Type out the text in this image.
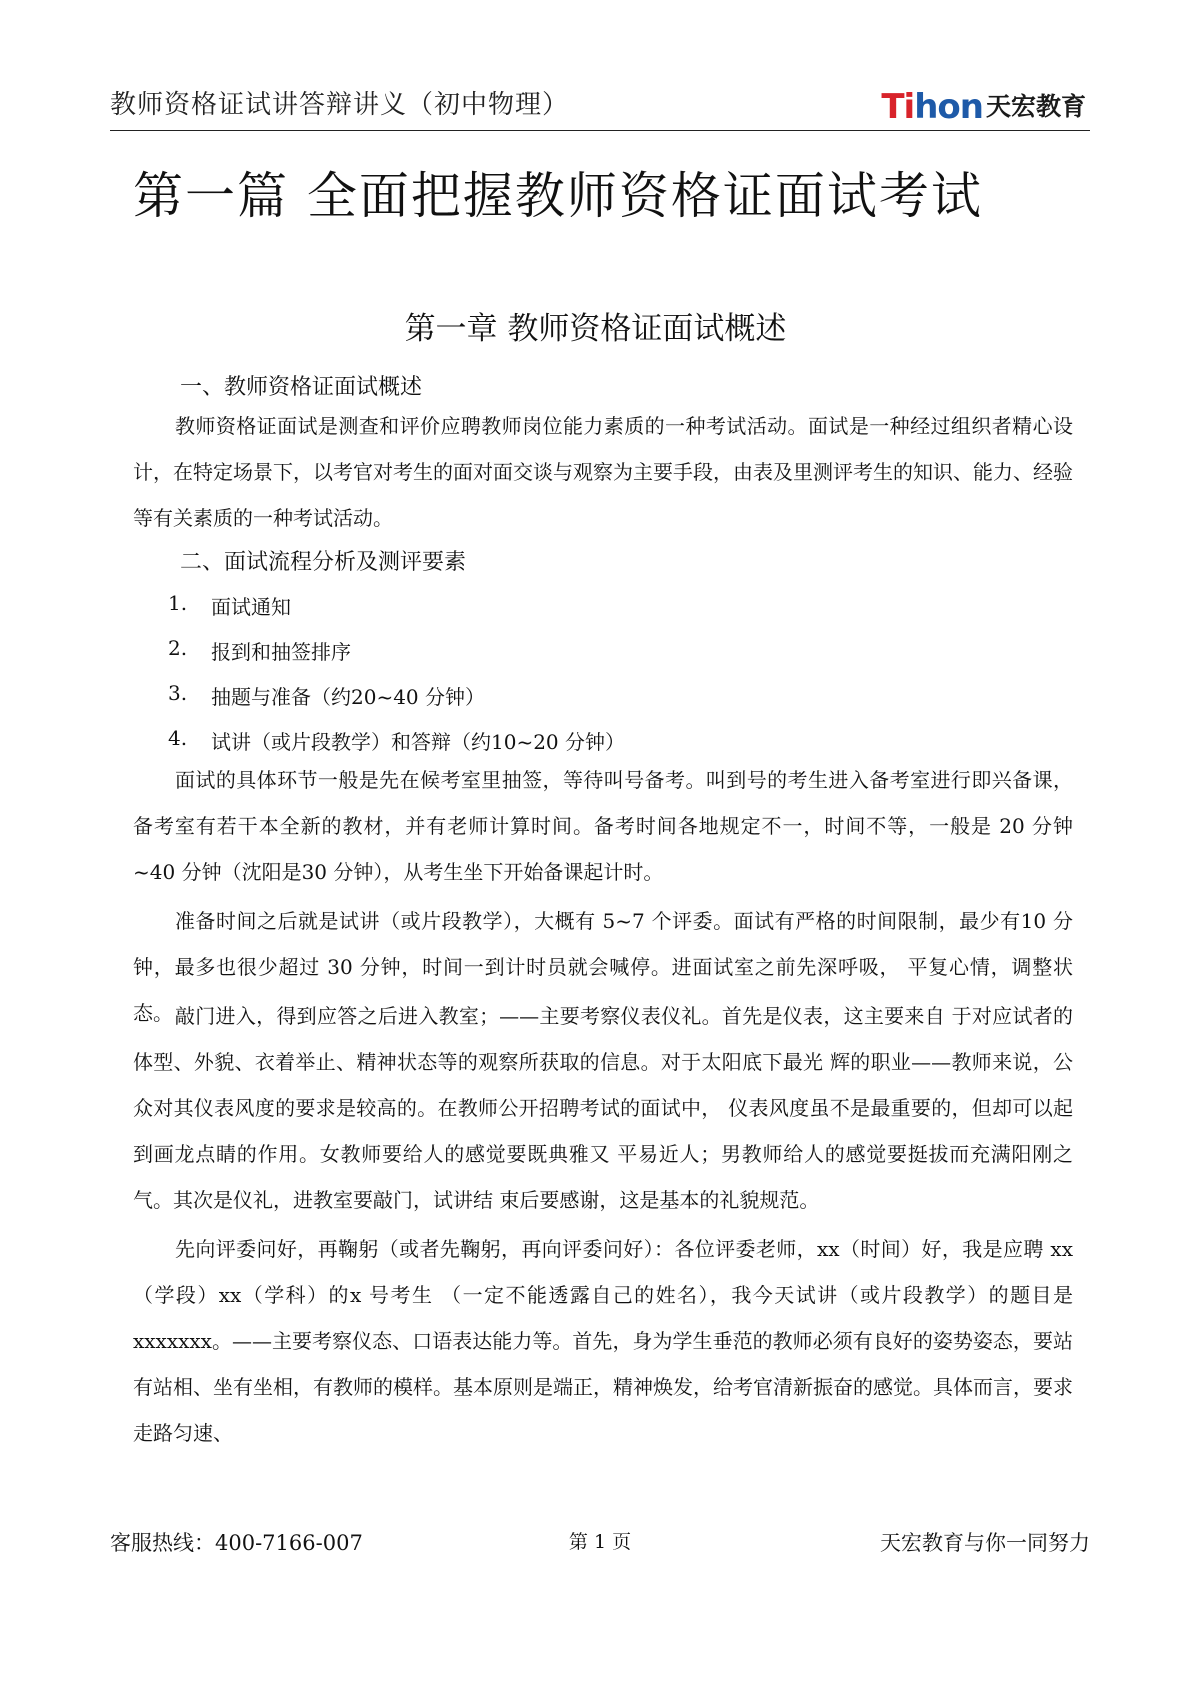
教师资格证试讲答辩讲义（初中物理）	Tihon 天宏教育
第一篇 全面把握教师资格证面试考试
第一章 教师资格证面试概述
一、教师资格证面试概述

教师资格证面试是测查和评价应聘教师岗位能力素质的一种考试活动。面试是一种经过组织者精心设计，在特定场景下，以考官对考生的面对面交谈与观察为主要手段，由表及里测评考生的知识、能力、经验等有关素质的一种考试活动。

二、面试流程分析及测评要素
1.	面试通知
2.	报到和抽签排序
3.	抽题与准备（约20~40 分钟）
4.	试讲（或片段教学）和答辩（约10~20 分钟）

面试的具体环节一般是先在候考室里抽签，等待叫号备考。叫到号的考生进入备考室进行即兴备课，备考室有若干本全新的教材，并有老师计算时间。备考时间各地规定不一，时间不等，一般是 20 分钟~40 分钟（沈阳是30 分钟），从考生坐下开始备课起计时。

准备时间之后就是试讲（或片段教学），大概有 5~7 个评委。面试有严格的时间限制，最少有10 分钟，最多也很少超过 30 分钟，时间一到计时员就会喊停。进面试室之前先深呼吸， 平复心情，调整状态。 敲门进入，得到应答之后进入教室；——主要考察仪表仪礼。首先是仪表，这主要来自 于对应试者的体型、外貌、衣着举止、精神状态等的观察所获取的信息。对于太阳底下最光 辉的职业——教师来说，公众对其仪表风度的要求是较高的。在教师公开招聘考试的面试中， 仪表风度虽不是最重要的，但却可以起到画龙点睛的作用。女教师要给人的感觉要既典雅又 平易近人；男教师给人的感觉要挺拔而充满阳刚之气。其次是仪礼，进教室要敲门，试讲结 束后要感谢，这是基本的礼貌规范。

先向评委问好，再鞠躬（或者先鞠躬，再向评委问好）：各位评委老师，xx（时间）好，我是应聘 xx（学段）xx（学科）的x 号考生 （一定不能透露自己的姓名），我今天试讲（或片段教学）的题目是 xxxxxxx。——主要考察仪态、口语表达能力等。首先，身为学生垂范的教师必须有良好的姿势姿态，要站有站相、坐有坐相，有教师的模样。基本原则是端正，精神焕发，给考官清新振奋的感觉。具体而言，要求走路匀速、

客服热线：400-7166-007	第 1 页	天宏教育与你一同努力
